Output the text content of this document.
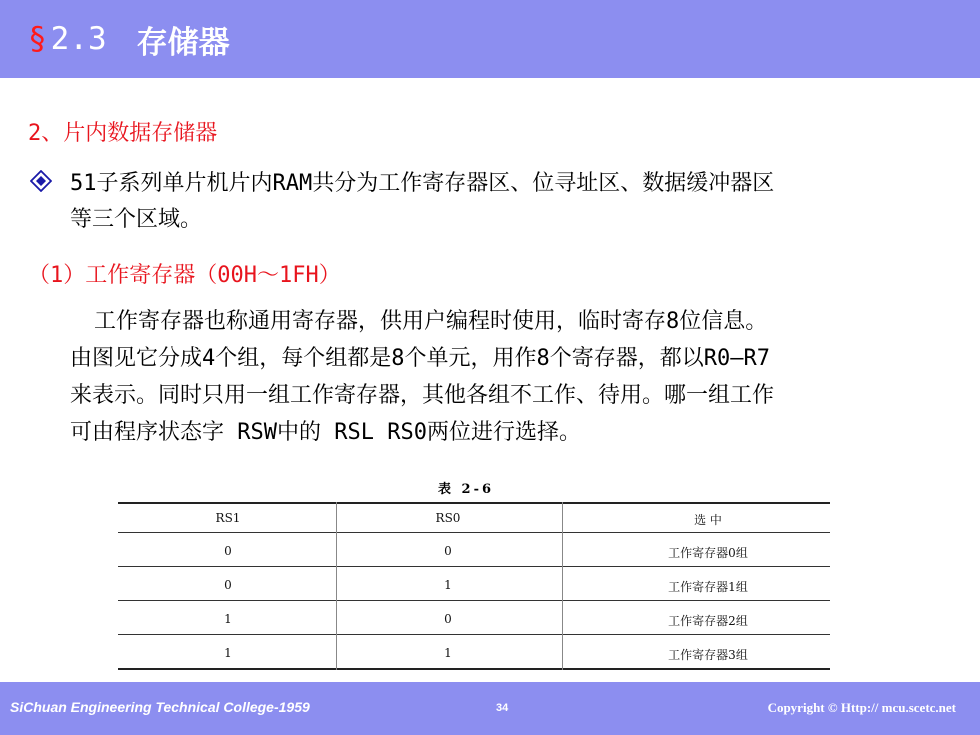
§ 2.3 存储器
2、片内数据存储器
51子系列单片机片内RAM共分为工作寄存器区、位寻址区、数据缓冲器区
等三个区域。
（1）工作寄存器（00H～1FH）
工作寄存器也称通用寄存器，供用户编程时使用，临时寄存8位信息。
由图见它分成4个组，每个组都是8个单元，用作8个寄存器，都以R0—R7
来表示。同时只用一组工作寄存器，其他各组不工作、待用。哪一组工作
可由程序状态字 RSW中的 RSL RS0两位进行选择。
表 2-6
RS1	RS0	选 中
0	0	工作寄存器0组
0	1	工作寄存器1组
1	0	工作寄存器2组
1	1	工作寄存器3组
SiChuan Engineering Technical College-1959	34	Copyright © Http:// mcu.scetc.net
